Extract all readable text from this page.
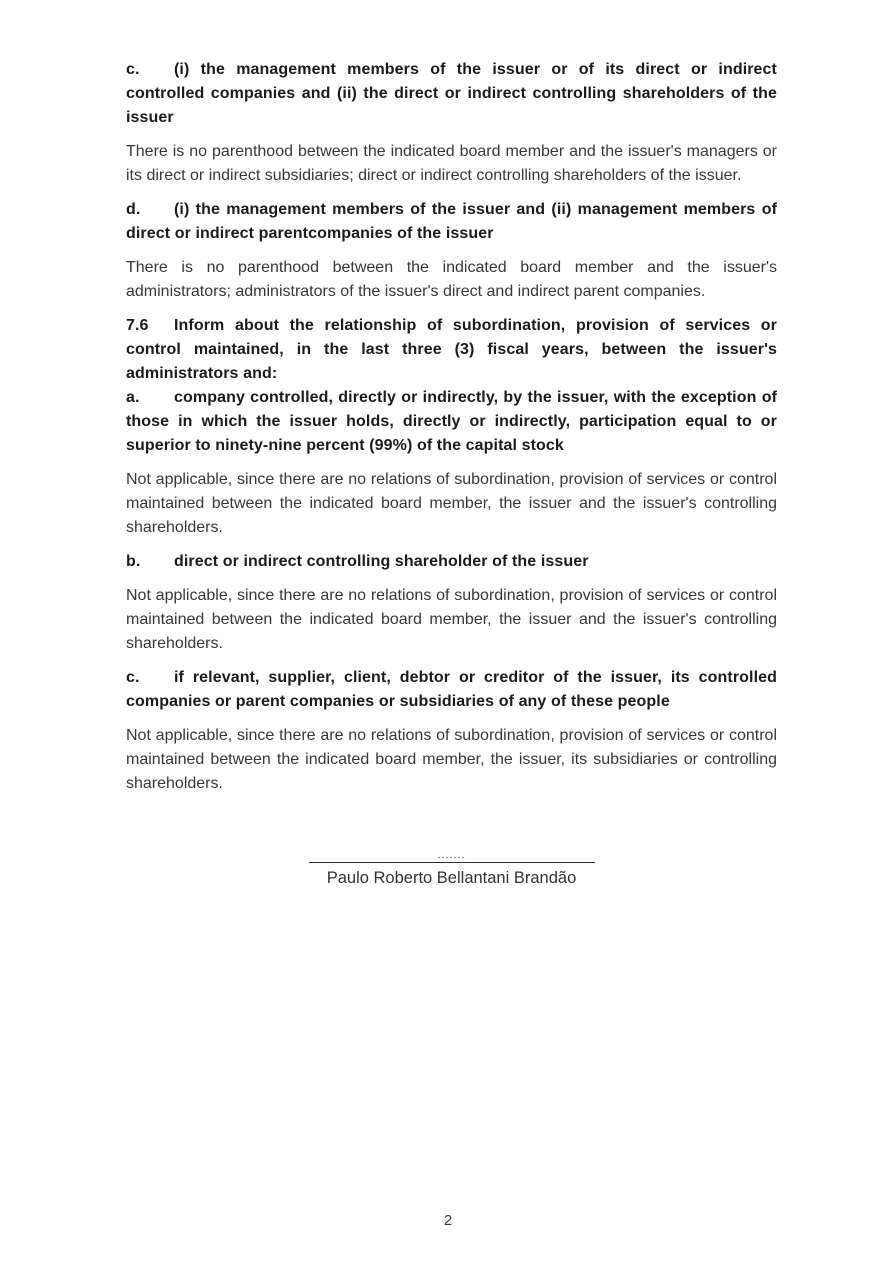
c. (i) the management members of the issuer or of its direct or indirect controlled companies and (ii) the direct or indirect controlling shareholders of the issuer

There is no parenthood between the indicated board member and the issuer's managers or its direct or indirect subsidiaries; direct or indirect controlling shareholders of the issuer.

d. (i) the management members of the issuer and (ii) management members of direct or indirect parentcompanies of the issuer

There is no parenthood between the indicated board member and the issuer's administrators; administrators of the issuer's direct and indirect parent companies.

7.6 Inform about the relationship of subordination, provision of services or control maintained, in the last three (3) fiscal years, between the issuer's administrators and:

a. company controlled, directly or indirectly, by the issuer, with the exception of those in which the issuer holds, directly or indirectly, participation equal to or superior to ninety-nine percent (99%) of the capital stock

Not applicable, since there are no relations of subordination, provision of services or control maintained between the indicated board member, the issuer and the issuer's controlling shareholders.

b. direct or indirect controlling shareholder of the issuer

Not applicable, since there are no relations of subordination, provision of services or control maintained between the indicated board member, the issuer and the issuer's controlling shareholders.

c. if relevant, supplier, client, debtor or creditor of the issuer, its controlled companies or parent companies or subsidiaries of any of these people

Not applicable, since there are no relations of subordination, provision of services or control maintained between the indicated board member, the issuer, its subsidiaries or controlling shareholders.

-------
Paulo Roberto Bellantani Brandão
2
